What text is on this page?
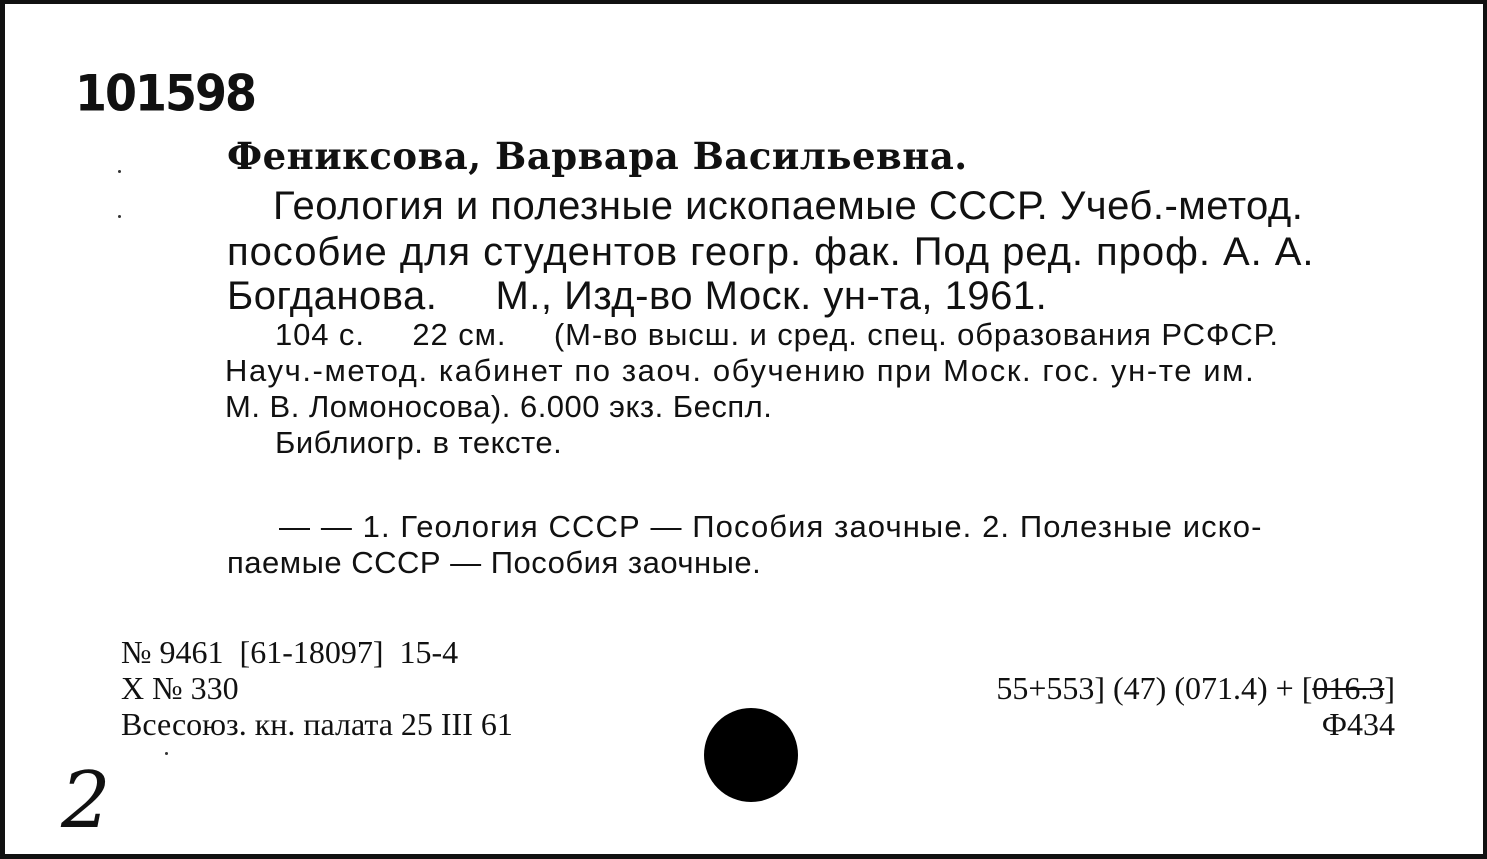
101598
Фениксова, Варвара Васильевна.
Геология и полезные ископаемые СССР. Учеб.-метод.
пособие для студентов геогр. фак. Под ред. проф. А. А.
Богданова.     М., Изд-во Моск. ун-та, 1961.
104 с.     22 см.     (М-во высш. и сред. спец. образования РСФСР.
Науч.-метод. кабинет по заоч. обучению при Моск. гос. ун-те им.
М. В. Ломоносова). 6.000 экз. Беспл.
Библиогр. в тексте.
— — 1. Геология СССР — Пособия заочные. 2. Полезные иско-
паемые СССР — Пособия заочные.
№ 9461  [61-18097]  15-4
Х № 330
Всесоюз. кн. палата 25 III 61
55+553] (47) (071.4) + [016.3]
Ф434
2
